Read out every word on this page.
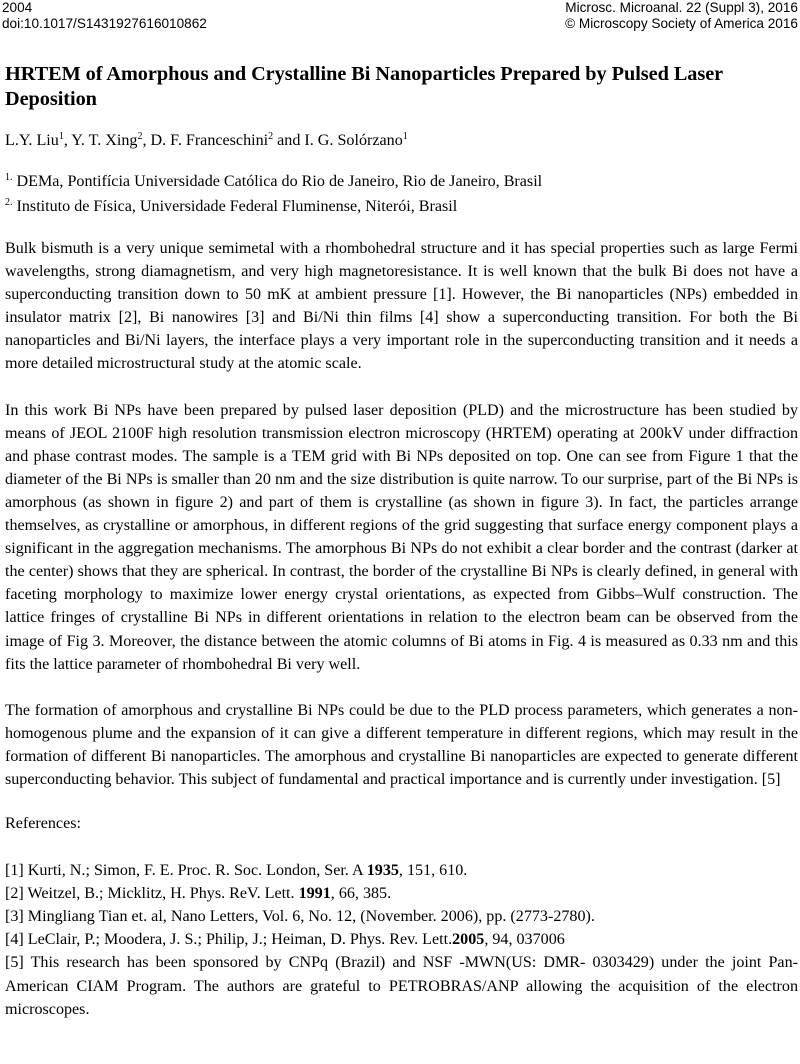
2004
doi:10.1017/S1431927616010862
Microsc. Microanal. 22 (Suppl 3), 2016
© Microscopy Society of America 2016
HRTEM of Amorphous and Crystalline Bi Nanoparticles Prepared by Pulsed Laser Deposition
L.Y. Liu$^1$, Y. T. Xing$^2$, D. F. Franceschini$^2$ and I. G. Solórzano$^1$
$^{1.}$ DEMa, Pontifícia Universidade Católica do Rio de Janeiro, Rio de Janeiro, Brasil
$^{2.}$ Instituto de Física, Universidade Federal Fluminense, Niterói, Brasil

Bulk bismuth is a very unique semimetal with a rhombohedral structure and it has special properties such as large Fermi wavelengths, strong diamagnetism, and very high magnetoresistance. It is well known that the bulk Bi does not have a superconducting transition down to 50 mK at ambient pressure [1]. However, the Bi nanoparticles (NPs) embedded in insulator matrix [2], Bi nanowires [3] and Bi/Ni thin films [4] show a superconducting transition. For both the Bi nanoparticles and Bi/Ni layers, the interface plays a very important role in the superconducting transition and it needs a more detailed microstructural study at the atomic scale.

In this work Bi NPs have been prepared by pulsed laser deposition (PLD) and the microstructure has been studied by means of JEOL 2100F high resolution transmission electron microscopy (HRTEM) operating at 200kV under diffraction and phase contrast modes. The sample is a TEM grid with Bi NPs deposited on top. One can see from Figure 1 that the diameter of the Bi NPs is smaller than 20 nm and the size distribution is quite narrow. To our surprise, part of the Bi NPs is amorphous (as shown in figure 2) and part of them is crystalline (as shown in figure 3). In fact, the particles arrange themselves, as crystalline or amorphous, in different regions of the grid suggesting that surface energy component plays a significant in the aggregation mechanisms. The amorphous Bi NPs do not exhibit a clear border and the contrast (darker at the center) shows that they are spherical. In contrast, the border of the crystalline Bi NPs is clearly defined, in general with faceting morphology to maximize lower energy crystal orientations, as expected from Gibbs–Wulf construction. The lattice fringes of crystalline Bi NPs in different orientations in relation to the electron beam can be observed from the image of Fig 3. Moreover, the distance between the atomic columns of Bi atoms in Fig. 4 is measured as 0.33 nm and this fits the lattice parameter of rhombohedral Bi very well.

The formation of amorphous and crystalline Bi NPs could be due to the PLD process parameters, which generates a non-homogenous plume and the expansion of it can give a different temperature in different regions, which may result in the formation of different Bi nanoparticles. The amorphous and crystalline Bi nanoparticles are expected to generate different superconducting behavior. This subject of fundamental and practical importance and is currently under investigation. [5]

References:
[1] Kurti, N.; Simon, F. E. Proc. R. Soc. London, Ser. A 1935, 151, 610.
[2] Weitzel, B.; Micklitz, H. Phys. ReV. Lett. 1991, 66, 385.
[3] Mingliang Tian et. al, Nano Letters, Vol. 6, No. 12, (November. 2006), pp. (2773-2780).
[4] LeClair, P.; Moodera, J. S.; Philip, J.; Heiman, D. Phys. Rev. Lett.2005, 94, 037006
[5] This research has been sponsored by CNPq (Brazil) and NSF -MWN(US: DMR- 0303429) under the joint Pan-American CIAM Program. The authors are grateful to PETROBRAS/ANP allowing the acquisition of the electron microscopes.
